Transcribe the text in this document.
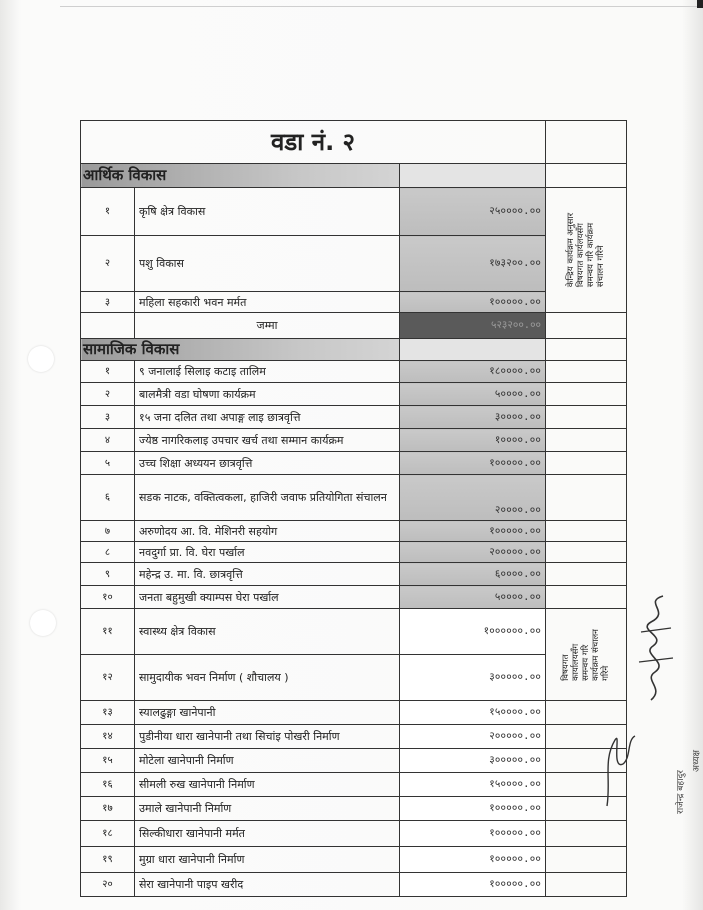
वडा नं. २			
आर्थिक विकास			
१	कृषि क्षेत्र विकास	२५००००.००	केन्द्रिय कार्यक्रम अनुसार विषयगत कार्यलयसँग समन्वय गरि कार्यक्रम संचालन गरिने

२	पशु विकास	१७३२००.००	
३	महिला सहकारी भवन मर्मत	१०००००.००	
	जम्मा	५२३२००.००	
सामाजिक विकास			
१	९ जनालाई सिलाइ कटाइ तालिम	१८००००.००	
२	बालमैत्री वडा घोषणा कार्यक्रम	५००००.००	
३	१५ जना दलित तथा अपाङ्ग लाइ छात्रवृत्ति	३००००.००	
४	ज्येष्ठ नागरिकलाइ उपचार खर्च तथा सम्मान कार्यक्रम	१००००.००	
५	उच्च शिक्षा अध्ययन छात्रवृत्ति	१०००००.००	
६	सडक नाटक, वक्तित्वकला, हाजिरी जवाफ प्रतियोगिता संचालन	२००००.००	
७	अरुणोदय आ. वि. मेशिनरी सहयोग	१०००००.००	
८	नवदुर्गा प्रा. वि. घेरा पर्खाल	२०००००.००	
९	महेन्द्र उ. मा. वि. छात्रवृत्ति	६००००.००	
१०	जनता बहुमुखी क्याम्पस घेरा पर्खाल	५००००.००	
११	स्वास्थ्य क्षेत्र विकास	१००००००.००	विषयगत कार्यालयसँग समन्वय गरि कार्यक्रम संचालन गरिने

१२	सामुदायीक भवन निर्माण ( शौचालय )	३०००००.००	
१३	स्यालढुङ्गा खानेपानी	१५००००.००	
१४	पुडीनीया धारा खानेपानी तथा सिचांइ पोखरी निर्माण	२०००००.००	
१५	मोटेला खानेपानी निर्माण	३०००००.००	
१६	सीमली रुख खानेपानी निर्माण	१५००००.००	
१७	उमाले खानेपानी निर्माण	१०००००.००	
१८	सिल्कीधारा खानेपानी मर्मत	१०००००.००	
१९	मुग्रा धारा खानेपानी निर्माण	१०००००.००	
२०	सेरा खानेपानी पाइप खरीद	१०००००.००	
राजेन्द्र बहादुर
अध्यक्ष
